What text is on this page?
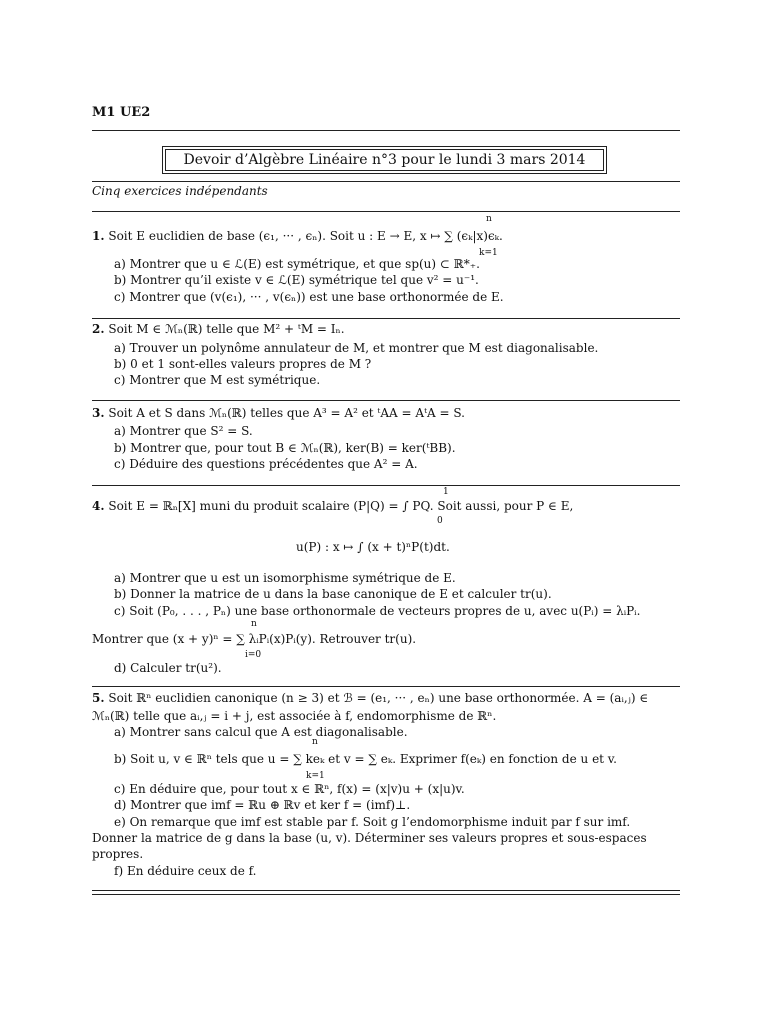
M1 UE2
Devoir d’Algèbre Linéaire n°3 pour le lundi 3 mars 2014
Cinq exercices indépendants
1. Soit E euclidien de base (ϵ₁, ··· , ϵₙ). Soit u : E → E, x ↦ ∑ (ϵₖ|x)ϵₖ.
n
k=1
a) Montrer que u ∈ ℒ(E) est symétrique, et que sp(u) ⊂ ℝ*₊.
b) Montrer qu’il existe v ∈ ℒ(E) symétrique tel que v² = u⁻¹.
c) Montrer que (v(ϵ₁), ··· , v(ϵₙ)) est une base orthonormée de E.
2. Soit M ∈ ℳₙ(ℝ) telle que M² + ᵗM = Iₙ.
a) Trouver un polynôme annulateur de M, et montrer que M est diagonalisable.
b) 0 et 1 sont-elles valeurs propres de M ?
c) Montrer que M est symétrique.
3. Soit A et S dans ℳₙ(ℝ) telles que A³ = A² et ᵗAA = AᵗA = S.
a) Montrer que S² = S.
b) Montrer que, pour tout B ∈ ℳₙ(ℝ), ker(B) = ker(ᵗBB).
c) Déduire des questions précédentes que A² = A.
4. Soit E = ℝₙ[X] muni du produit scalaire (P|Q) = ∫ PQ. Soit aussi, pour P ∈ E,
1
0
u(P) : x ↦ ∫ (x + t)ⁿP(t)dt.
a) Montrer que u est un isomorphisme symétrique de E.
b) Donner la matrice de u dans la base canonique de E et calculer tr(u).
c) Soit (P₀, . . . , Pₙ) une base orthonormale de vecteurs propres de u, avec u(Pᵢ) = λᵢPᵢ.
n
Montrer que (x + y)ⁿ = ∑ λᵢPᵢ(x)Pᵢ(y). Retrouver tr(u).
i=0
d) Calculer tr(u²).
5. Soit ℝⁿ euclidien canonique (n ≥ 3) et ℬ = (e₁, ··· , eₙ) une base orthonormée. A = (aᵢ,ⱼ) ∈
ℳₙ(ℝ) telle que aᵢ,ⱼ = i + j, est associée à f, endomorphisme de ℝⁿ.
a) Montrer sans calcul que A est diagonalisable.
n
b) Soit u, v ∈ ℝⁿ tels que u = ∑ keₖ et v = ∑ eₖ. Exprimer f(eₖ) en fonction de u et v.
k=1
c) En déduire que, pour tout x ∈ ℝⁿ, f(x) = (x|v)u + (x|u)v.
d) Montrer que imf = ℝu ⊕ ℝv et ker f = (imf)⊥.
e) On remarque que imf est stable par f. Soit g l’endomorphisme induit par f sur imf.
Donner la matrice de g dans la base (u, v). Déterminer ses valeurs propres et sous-espaces
propres.
f) En déduire ceux de f.
